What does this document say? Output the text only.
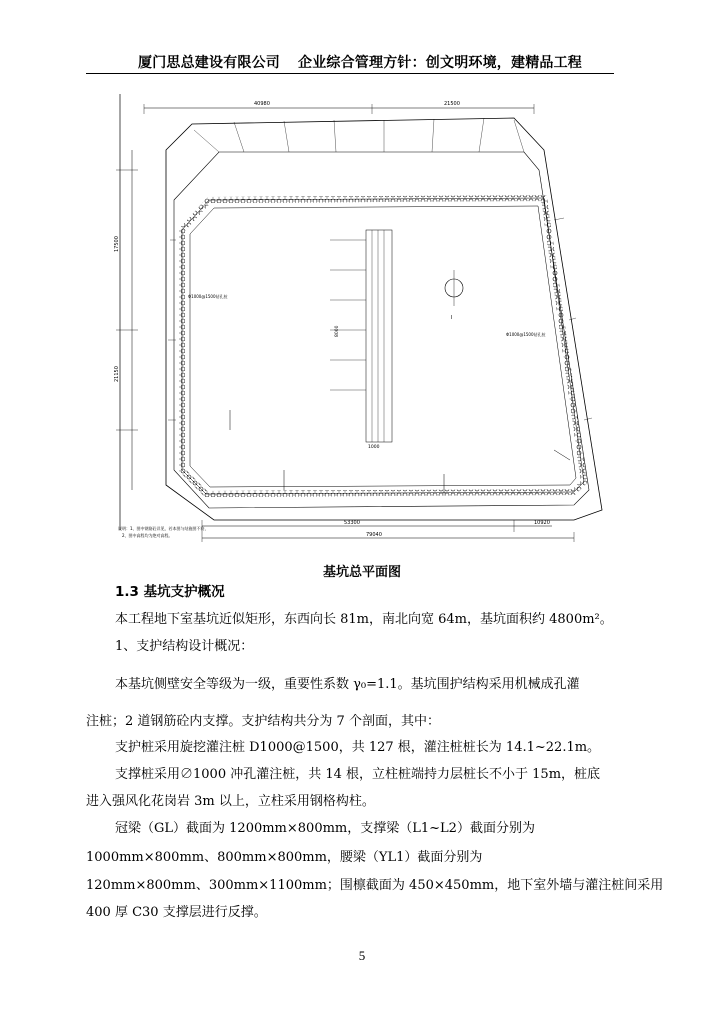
厦门思总建设有限公司 企业综合管理方针：创文明环境，建精品工程
40980	21500
79040
53300	10920
17500
21150
1000
8000
Φ1000@1500钻孔桩
Φ1000@1500钻孔桩
I
说明：1、图中钢筋砼详见，若本图与结施图不符，
2、图中高程均为绝对高程。
基坑总平面图
1.3 基坑支护概况
本工程地下室基坑近似矩形，东西向长 81m，南北向宽 64m，基坑面积约 4800m²。
1、支护结构设计概况：
本基坑侧壁安全等级为一级，重要性系数 γ₀=1.1。基坑围护结构采用机械成孔灌
注桩；2 道钢筋砼内支撑。支护结构共分为 7 个剖面，其中：
支护桩采用旋挖灌注桩 D1000@1500，共 127 根，灌注桩桩长为 14.1~22.1m。
支撑桩采用∅1000 冲孔灌注桩，共 14 根，立柱桩端持力层桩长不小于 15m，桩底
进入强风化花岗岩 3m 以上，立柱采用钢格构柱。
冠梁（GL）截面为 1200mm×800mm，支撑梁（L1~L2）截面分别为
1000mm×800mm、800mm×800mm，腰梁（YL1）截面分别为
120mm×800mm、300mm×1100mm；围檩截面为 450×450mm，地下室外墙与灌注桩间采用
400 厚 C30 支撑层进行反撑。
5
